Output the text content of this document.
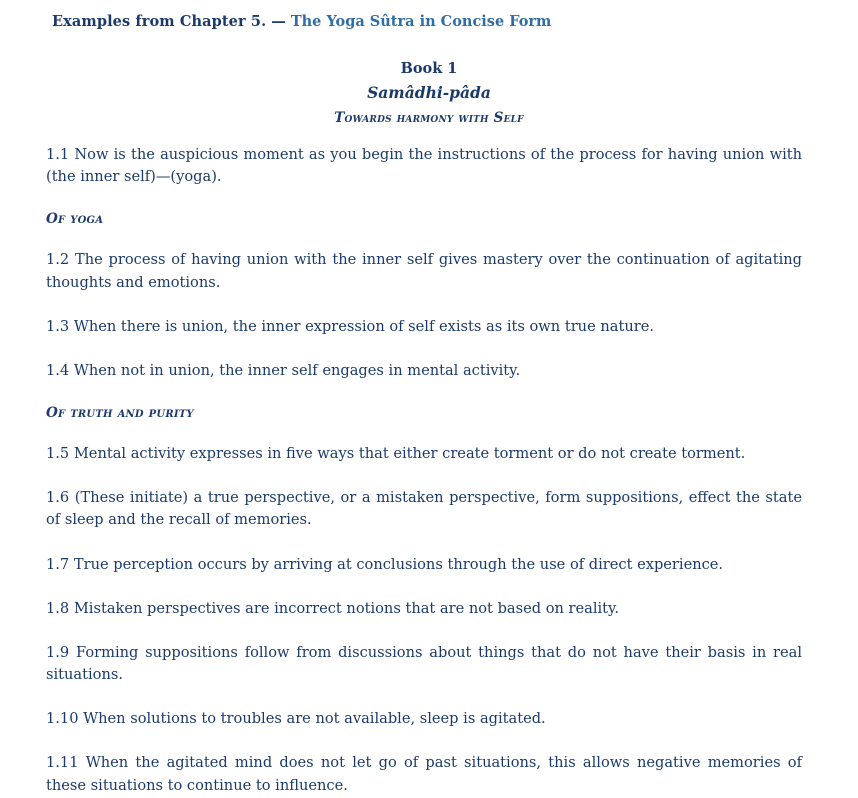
Examples from Chapter 5. — The Yoga Sûtra in Concise Form
Book 1
Samâdhi-pâda
Towards harmony with Self

1.1 Now is the auspicious moment as you begin the instructions of the process for having union with (the inner self)—(yoga).

Of yoga

1.2 The process of having union with the inner self gives mastery over the continuation of agitating thoughts and emotions.

1.3 When there is union, the inner expression of self exists as its own true nature.

1.4 When not in union, the inner self engages in mental activity.

Of truth and purity

1.5 Mental activity expresses in five ways that either create torment or do not create torment.

1.6 (These initiate) a true perspective, or a mistaken perspective, form suppositions, effect the state of sleep and the recall of memories.

1.7 True perception occurs by arriving at conclusions through the use of direct experience.

1.8 Mistaken perspectives are incorrect notions that are not based on reality.

1.9 Forming suppositions follow from discussions about things that do not have their basis in real situations.

1.10 When solutions to troubles are not available, sleep is agitated.

1.11 When the agitated mind does not let go of past situations, this allows negative memories of these situations to continue to influence.
